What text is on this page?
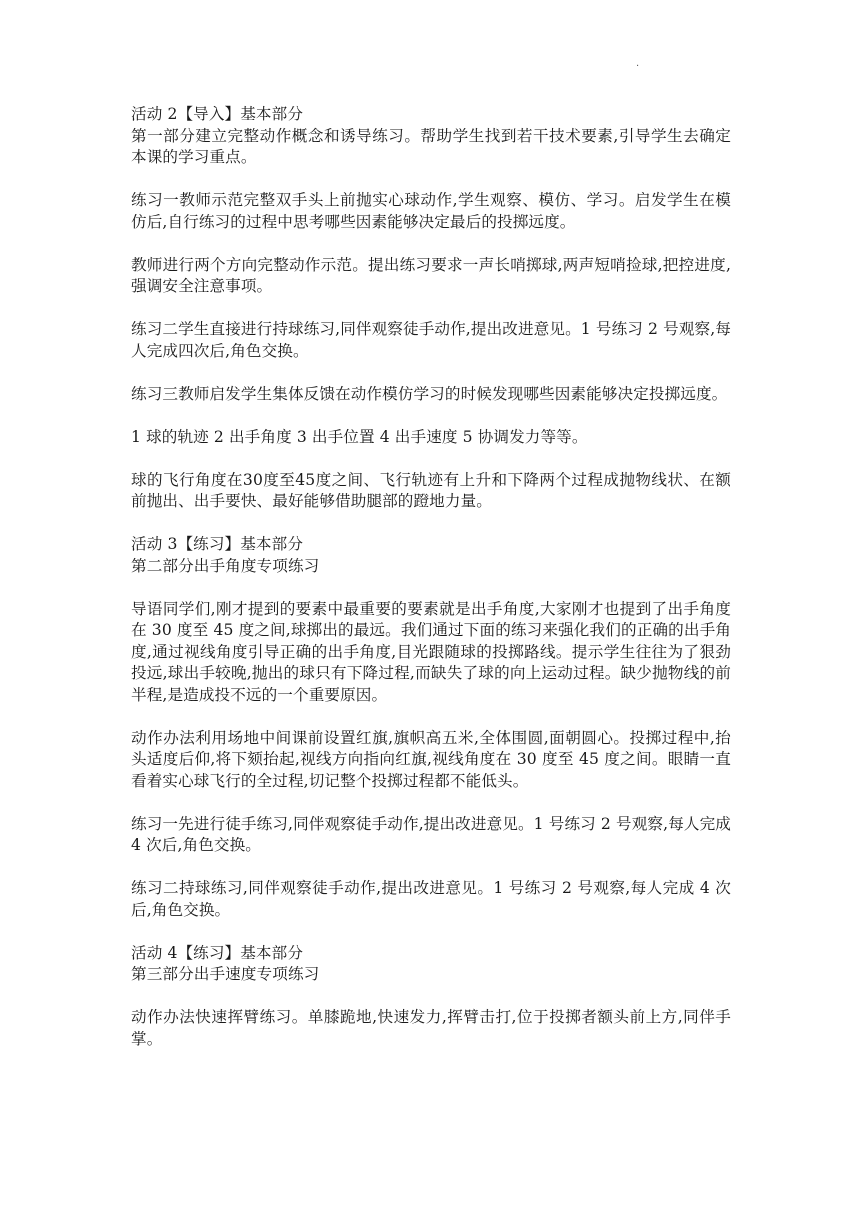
.

活动 2【导入】基本部分

第一部分建立完整动作概念和诱导练习。帮助学生找到若干技术要素,引导学生去确定本课的学习重点。

练习一教师示范完整双手头上前抛实心球动作,学生观察、模仿、学习。启发学生在模仿后,自行练习的过程中思考哪些因素能够决定最后的投掷远度。

教师进行两个方向完整动作示范。提出练习要求一声长哨掷球,两声短哨捡球,把控进度,强调安全注意事项。

练习二学生直接进行持球练习,同伴观察徒手动作,提出改进意见。1 号练习 2 号观察,每人完成四次后,角色交换。

练习三教师启发学生集体反馈在动作模仿学习的时候发现哪些因素能够决定投掷远度。

1 球的轨迹 2 出手角度 3 出手位置 4 出手速度 5 协调发力等等。

球的飞行角度在30度至45度之间、飞行轨迹有上升和下降两个过程成抛物线状、在额前抛出、出手要快、最好能够借助腿部的蹬地力量。

活动 3【练习】基本部分

第二部分出手角度专项练习

导语同学们,刚才提到的要素中最重要的要素就是出手角度,大家刚才也提到了出手角度在 30 度至 45 度之间,球掷出的最远。我们通过下面的练习来强化我们的正确的出手角度,通过视线角度引导正确的出手角度,目光跟随球的投掷路线。提示学生往往为了狠劲投远,球出手较晚,抛出的球只有下降过程,而缺失了球的向上运动过程。缺少抛物线的前半程,是造成投不远的一个重要原因。

动作办法利用场地中间课前设置红旗,旗帜高五米,全体围圆,面朝圆心。投掷过程中,抬头适度后仰,将下颏抬起,视线方向指向红旗,视线角度在 30 度至 45 度之间。眼睛一直看着实心球飞行的全过程,切记整个投掷过程都不能低头。

练习一先进行徒手练习,同伴观察徒手动作,提出改进意见。1 号练习 2 号观察,每人完成 4 次后,角色交换。

练习二持球练习,同伴观察徒手动作,提出改进意见。1 号练习 2 号观察,每人完成 4 次后,角色交换。

活动 4【练习】基本部分

第三部分出手速度专项练习

动作办法快速挥臂练习。单膝跪地,快速发力,挥臂击打,位于投掷者额头前上方,同伴手掌。
